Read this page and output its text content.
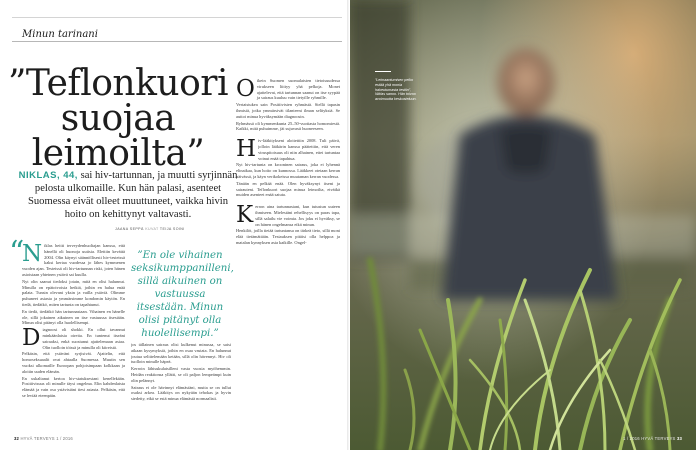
Minun tarinani
”Teflonkuori
suojaa
leimoilta”
NIKLAS, 44, sai hiv-tartunnan, ja muutti syrjinnän pelosta ulkomaille. Kun hän palasi, asenteet Suomessa eivät olleet muuttuneet, vaikka hivin hoito on kehittynyt valtavasti.
JAANA SEPPÄ KUVAT TEIJA SOINI
“

Niklas heitti terveydenhuoltajan kanssa, että hänellä oli huonoja uutisia. Elettiin kevättä 2004. Olin käynyt säännöllisesti hiv-testeissä kaksi kertaa vuodessa jo lähes kymmenen vuoden ajan. Testeissä oli hiv-tartunnan riski, joten hänen asioistaan yhteinen ystävä sai kuulla.

Nyt olin saanut tiedoksi jotain, mitä en olisi halunnut. Minulla on epätoivoisia hetkiä, joihin en halua enää palata. Tunsin olevani yksin ja vailla ystäviä. Olimme puhuneet asiasta ja ymmärsimme kondomin käytön. En tiedä, tiedätkö, miten tartunta on tapahtunut.

En tiedä, tiedätkö hän tartunnastaan. Vihainen en hänelle ole, sillä jokainen aikuinen on itse vastuussa itsestään. Minun olisi pitänyt olla huolellisempi.

Diagnoosi oli shokki. En ollut tavannut minkäänlaisia oireita. En tuntenut itseäni sairaaksi, enkä suostunut ajattelemaan asiaa. Olin tuolloin töissä ja minulla oli kiireistä.

Pelkäsin, että ystäväni syrjisivät. Ajattelin, että homoseksuaalit ovat ahtaalla Suomessa. Muutin sen vuoksi ulkomaille Euroopan pohjoisimpaan kolkkaan ja aloitin uuden elämän.

En uskaltanut kertoa hiv-statuksestani kenellekään. Positiivisuus oli minulle täysi ongelma. Elin kahdenlaista elämää ja vain osa ystävistäni tiesi asiasta. Pelkäsin, että se leviää eteenpäin.

”En ole vihainen seksikumppanilleni, sillä aikuinen on vastuussa itsestään. Minun olisi pitänyt olla huolellisempi.”

jos tällainen sairaus olisi kulkenut minussa, se saisi aikaan kysymyksiä, joihin en osaa vastata. En halunnut joutua selittelemään ketään, sillä olin hävennyt. Hiv oli tuolloin minulle häpeä.

Kerroin lähisukulaisilleni vasta vuosia myöhemmin. Heidän reaktionsa yllätti, se oli paljon lempeämpi kuin olin pelännyt.

Sairaus ei ole hävinnyt elämästäni, mutta se on tullut osaksi arkea. Lääkitys on nykyään tehokas ja hyvin siedetty, eikä se estä minua elämästä normaalisti.

Oikein Suomen suomalaisten tietoisuudessa virukseen liittyy yhä pelkoja. Monet ajattelevat, että tartunnan saanut on itse syypää ja sairaus kuuluu vain tietyille ryhmille.

Vertaistukea sain Positiivisten ryhmästä. Siellä tapasin ihmisiä, jotka ymmärsivät tilanteeni ilman selityksiä. Se auttoi minua hyväksymään diagnoosin.

Ryhmässä oli kymmenkunta 25–50-vuotiasta homomiestä. Kaikki, mitä puhuimme, jäi sujuvasti huoneeseen.

Hiv-lääkitykseni aloitettiin 2008. Tuli päivä, jolloin lääkärin kanssa päätettiin, että veren viruspitoisuus oli niin alhainen, ettei tartuntaa voinut enää tapahtua.

Nyt hiv-tartunta on krooninen sairaus, joka ei lyhennä elinaikaa, kun hoito on kunnossa. Lääkkeet otetaan kerran päivässä, ja käyn verikokeissa muutaman kerran vuodessa.

Tänään en pelkää enää. Olen hyväksynyt itseni ja sairauteni. Teflonkuori suojaa minua leimoilta, eivätkä muiden asenteet enää satuta.

Kerron aina tartunnastani, kun tutustun uuteen ihmiseen. Mielestäni rehellisyys on paras tapa, sillä salailu vie voimia. Jos joku ei hyväksy, se on hänen ongelmansa eikä minun.

Henkilöt, joilla tietää tartuntansa on tärkeä tieto, sillä moni elää tietämättään. Testauksen pitäisi olla helppoa ja matalan kynnyksen asia kaikille. Ongel-

32 HYVÄ TERVEYS 1 / 2016
”Leimaantumisen pelko estää yhä monia hakeutumasta testiin”, Niklas sanoo. Hän toivoo avoimuutta keskusteluun.
1 / 2016 HYVÄ TERVEYS 33
